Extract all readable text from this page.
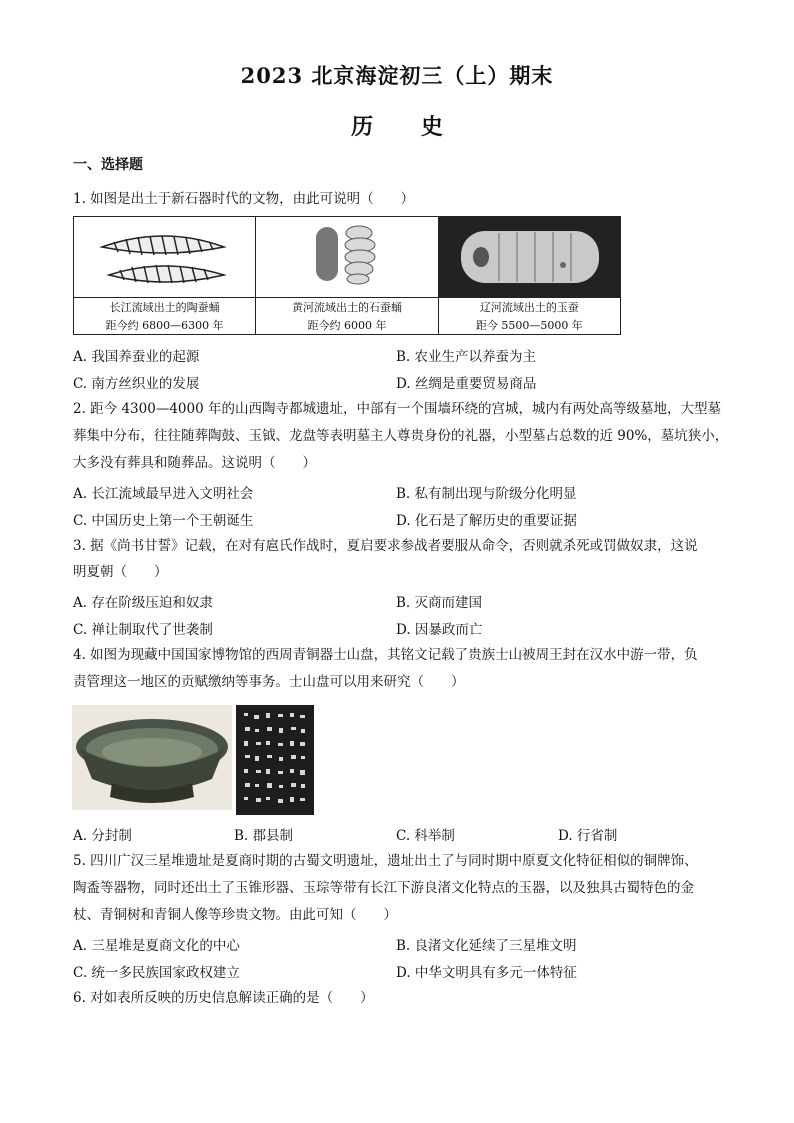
2023 北京海淀初三（上）期末
历 史
一、选择题
1. 如图是出土于新石器时代的文物，由此可说明（　　）
长江流域出土的陶蚕蛹
距今约 6800—6300 年

黄河流域出土的石蚕蛹
距今约 6000 年

辽河流域出土的玉蚕
距今 5500—5000 年
A. 我国养蚕业的起源	B. 农业生产以养蚕为主
C. 南方丝织业的发展	D. 丝绸是重要贸易商品
2. 距今 4300—4000 年的山西陶寺都城遗址，中部有一个围墙环绕的宫城，城内有两处高等级墓地，大型墓
葬集中分布，往往随葬陶鼓、玉钺、龙盘等表明墓主人尊贵身份的礼器，小型墓占总数的近 90%，墓坑狭小，
大多没有葬具和随葬品。这说明（　　）
A. 长江流域最早进入文明社会	B. 私有制出现与阶级分化明显
C. 中国历史上第一个王朝诞生	D. 化石是了解历史的重要证据
3. 据《尚书甘誓》记载，在对有扈氏作战时，夏启要求参战者要服从命令，否则就杀死或罚做奴隶，这说
明夏朝（　　）
A. 存在阶级压迫和奴隶	B. 灭商而建国
C. 禅让制取代了世袭制	D. 因暴政而亡
4. 如图为现藏中国国家博物馆的西周青铜器士山盘，其铭文记载了贵族士山被周王封在汉水中游一带，负
责管理这一地区的贡赋缴纳等事务。士山盘可以用来研究（　　）
A. 分封制	B. 郡县制	C. 科举制	D. 行省制
5. 四川广汉三星堆遗址是夏商时期的古蜀文明遗址，遗址出土了与同时期中原夏文化特征相似的铜牌饰、
陶盉等器物，同时还出土了玉锥形器、玉琮等带有长江下游良渚文化特点的玉器，以及独具古蜀特色的金
杖、青铜树和青铜人像等珍贵文物。由此可知（　　）
A. 三星堆是夏商文化的中心	B. 良渚文化延续了三星堆文明
C. 统一多民族国家政权建立	D. 中华文明具有多元一体特征
6. 对如表所反映的历史信息解读正确的是（　　）
